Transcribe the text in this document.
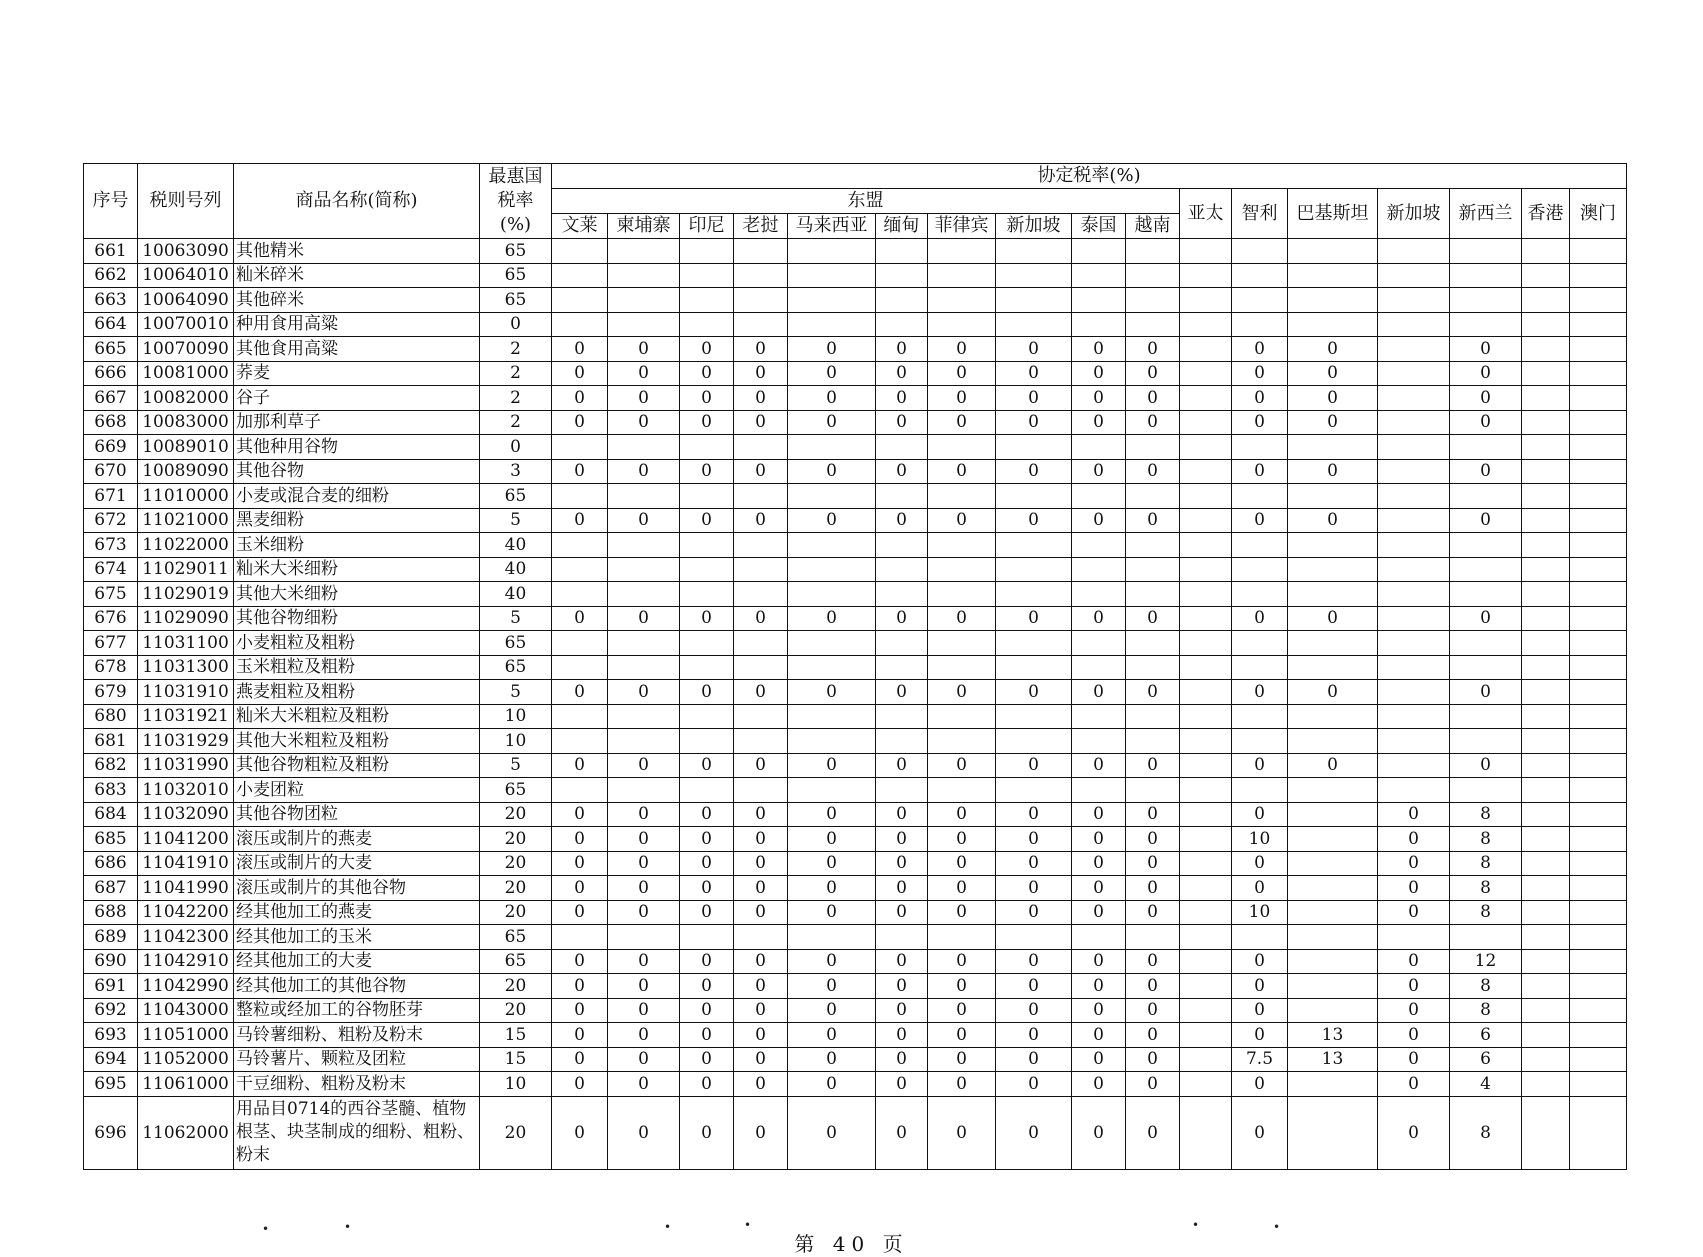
序号	税则号列	商品名称(简称)	最惠国
税率
(%)	协定税率(%)																
				东盟										亚太	智利	巴基斯坦	新加坡	新西兰	香港	澳门
				文莱	柬埔寨	印尼	老挝	马来西亚	缅甸	菲律宾	新加坡	泰国	越南							
661	10063090	其他精米	65																	
662	10064010	籼米碎米	65																	
663	10064090	其他碎米	65																	
664	10070010	种用食用高粱	0																	
665	10070090	其他食用高粱	2	0	0	0	0	0	0	0	0	0	0		0	0		0		
666	10081000	荞麦	2	0	0	0	0	0	0	0	0	0	0		0	0		0		
667	10082000	谷子	2	0	0	0	0	0	0	0	0	0	0		0	0		0		
668	10083000	加那利草子	2	0	0	0	0	0	0	0	0	0	0		0	0		0		
669	10089010	其他种用谷物	0																	
670	10089090	其他谷物	3	0	0	0	0	0	0	0	0	0	0		0	0		0		
671	11010000	小麦或混合麦的细粉	65																	
672	11021000	黑麦细粉	5	0	0	0	0	0	0	0	0	0	0		0	0		0		
673	11022000	玉米细粉	40																	
674	11029011	籼米大米细粉	40																	
675	11029019	其他大米细粉	40																	
676	11029090	其他谷物细粉	5	0	0	0	0	0	0	0	0	0	0		0	0		0		
677	11031100	小麦粗粒及粗粉	65																	
678	11031300	玉米粗粒及粗粉	65																	
679	11031910	燕麦粗粒及粗粉	5	0	0	0	0	0	0	0	0	0	0		0	0		0		
680	11031921	籼米大米粗粒及粗粉	10																	
681	11031929	其他大米粗粒及粗粉	10																	
682	11031990	其他谷物粗粒及粗粉	5	0	0	0	0	0	0	0	0	0	0		0	0		0		
683	11032010	小麦团粒	65																	
684	11032090	其他谷物团粒	20	0	0	0	0	0	0	0	0	0	0		0		0	8		
685	11041200	滚压或制片的燕麦	20	0	0	0	0	0	0	0	0	0	0		10		0	8		
686	11041910	滚压或制片的大麦	20	0	0	0	0	0	0	0	0	0	0		0		0	8		
687	11041990	滚压或制片的其他谷物	20	0	0	0	0	0	0	0	0	0	0		0		0	8		
688	11042200	经其他加工的燕麦	20	0	0	0	0	0	0	0	0	0	0		10		0	8		
689	11042300	经其他加工的玉米	65																	
690	11042910	经其他加工的大麦	65	0	0	0	0	0	0	0	0	0	0		0		0	12		
691	11042990	经其他加工的其他谷物	20	0	0	0	0	0	0	0	0	0	0		0		0	8		
692	11043000	整粒或经加工的谷物胚芽	20	0	0	0	0	0	0	0	0	0	0		0		0	8		
693	11051000	马铃薯细粉、粗粉及粉末	15	0	0	0	0	0	0	0	0	0	0		0	13	0	6		
694	11052000	马铃薯片、颗粒及团粒	15	0	0	0	0	0	0	0	0	0	0		7.5	13	0	6		
695	11061000	干豆细粉、粗粉及粉末	10	0	0	0	0	0	0	0	0	0	0		0		0	4		
696	11062000	用品目0714的西谷茎髓、植物根茎、块茎制成的细粉、粗粉、粉末	20	0	0	0	0	0	0	0	0	0	0		0		0	8		
•	•	•	•	•	•
第 40 页
